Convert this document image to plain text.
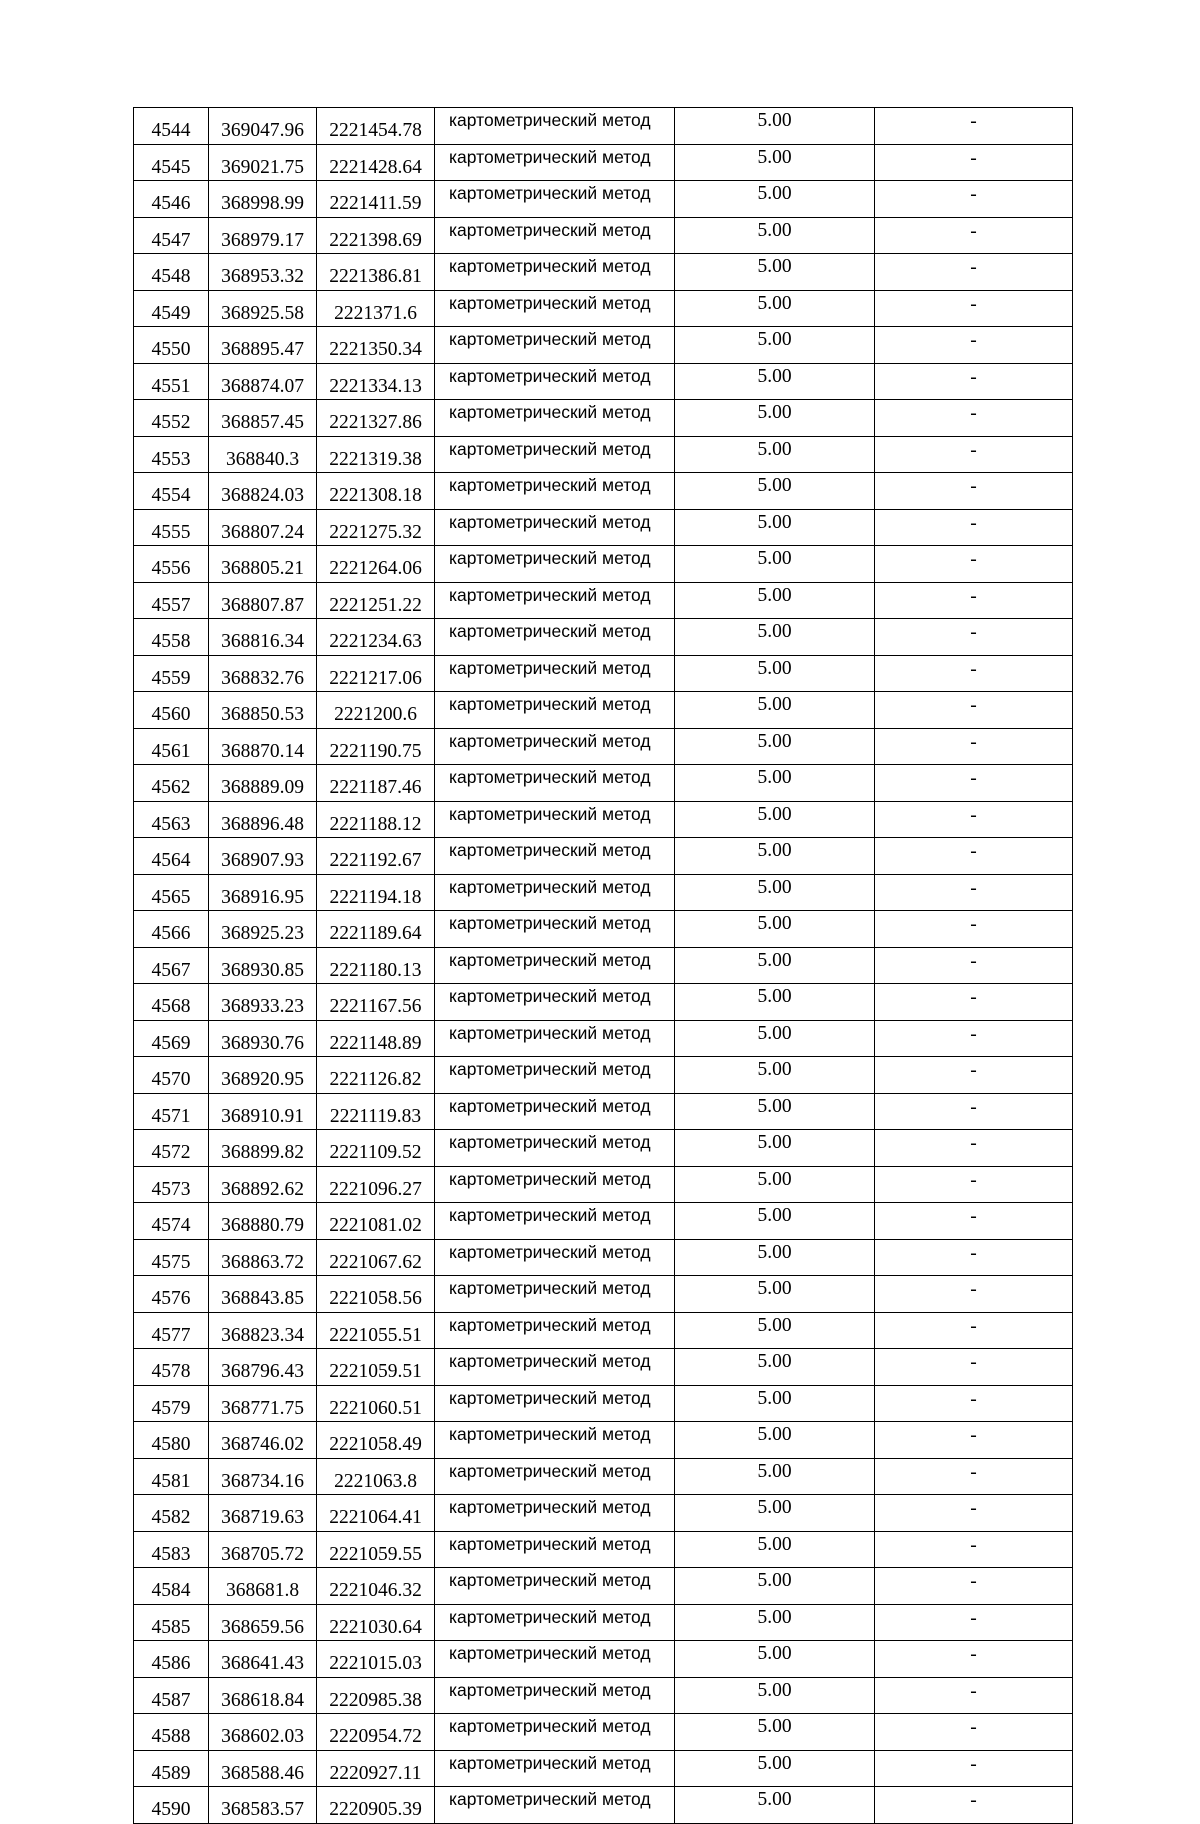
4544	369047.96	2221454.78	картометрический метод	5.00	-
4545	369021.75	2221428.64	картометрический метод	5.00	-
4546	368998.99	2221411.59	картометрический метод	5.00	-
4547	368979.17	2221398.69	картометрический метод	5.00	-
4548	368953.32	2221386.81	картометрический метод	5.00	-
4549	368925.58	2221371.6	картометрический метод	5.00	-
4550	368895.47	2221350.34	картометрический метод	5.00	-
4551	368874.07	2221334.13	картометрический метод	5.00	-
4552	368857.45	2221327.86	картометрический метод	5.00	-
4553	368840.3	2221319.38	картометрический метод	5.00	-
4554	368824.03	2221308.18	картометрический метод	5.00	-
4555	368807.24	2221275.32	картометрический метод	5.00	-
4556	368805.21	2221264.06	картометрический метод	5.00	-
4557	368807.87	2221251.22	картометрический метод	5.00	-
4558	368816.34	2221234.63	картометрический метод	5.00	-
4559	368832.76	2221217.06	картометрический метод	5.00	-
4560	368850.53	2221200.6	картометрический метод	5.00	-
4561	368870.14	2221190.75	картометрический метод	5.00	-
4562	368889.09	2221187.46	картометрический метод	5.00	-
4563	368896.48	2221188.12	картометрический метод	5.00	-
4564	368907.93	2221192.67	картометрический метод	5.00	-
4565	368916.95	2221194.18	картометрический метод	5.00	-
4566	368925.23	2221189.64	картометрический метод	5.00	-
4567	368930.85	2221180.13	картометрический метод	5.00	-
4568	368933.23	2221167.56	картометрический метод	5.00	-
4569	368930.76	2221148.89	картометрический метод	5.00	-
4570	368920.95	2221126.82	картометрический метод	5.00	-
4571	368910.91	2221119.83	картометрический метод	5.00	-
4572	368899.82	2221109.52	картометрический метод	5.00	-
4573	368892.62	2221096.27	картометрический метод	5.00	-
4574	368880.79	2221081.02	картометрический метод	5.00	-
4575	368863.72	2221067.62	картометрический метод	5.00	-
4576	368843.85	2221058.56	картометрический метод	5.00	-
4577	368823.34	2221055.51	картометрический метод	5.00	-
4578	368796.43	2221059.51	картометрический метод	5.00	-
4579	368771.75	2221060.51	картометрический метод	5.00	-
4580	368746.02	2221058.49	картометрический метод	5.00	-
4581	368734.16	2221063.8	картометрический метод	5.00	-
4582	368719.63	2221064.41	картометрический метод	5.00	-
4583	368705.72	2221059.55	картометрический метод	5.00	-
4584	368681.8	2221046.32	картометрический метод	5.00	-
4585	368659.56	2221030.64	картометрический метод	5.00	-
4586	368641.43	2221015.03	картометрический метод	5.00	-
4587	368618.84	2220985.38	картометрический метод	5.00	-
4588	368602.03	2220954.72	картометрический метод	5.00	-
4589	368588.46	2220927.11	картометрический метод	5.00	-
4590	368583.57	2220905.39	картометрический метод	5.00	-
